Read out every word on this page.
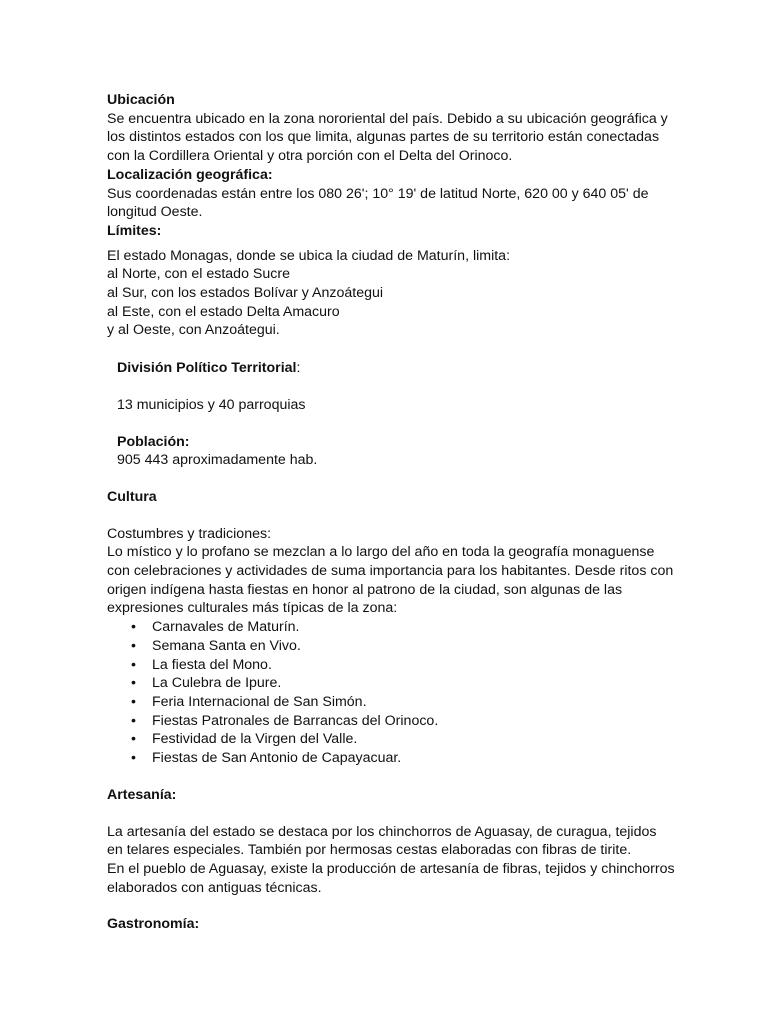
Ubicación
Se encuentra ubicado en la zona nororiental del país. Debido a su ubicación geográfica y
los distintos estados con los que limita, algunas partes de su territorio están conectadas
con la Cordillera Oriental y otra porción con el Delta del Orinoco.
Localización geográfica:
Sus coordenadas están entre los 080 26'; 10° 19' de latitud Norte, 620 00 y 640 05' de
longitud Oeste.
Límites:
El estado Monagas, donde se ubica la ciudad de Maturín, limita:
al Norte, con el estado Sucre
al Sur, con los estados Bolívar y Anzoátegui
al Este, con el estado Delta Amacuro
y al Oeste, con Anzoátegui.
División Político Territorial:
13 municipios y 40 parroquias
Población:
905 443 aproximadamente hab.
Cultura
Costumbres y tradiciones:
Lo místico y lo profano se mezclan a lo largo del año en toda la geografía monaguense
con celebraciones y actividades de suma importancia para los habitantes. Desde ritos con
origen indígena hasta fiestas en honor al patrono de la ciudad, son algunas de las
expresiones culturales más típicas de la zona:
• Carnavales de Maturín.
• Semana Santa en Vivo.
• La fiesta del Mono.
• La Culebra de Ipure.
• Feria Internacional de San Simón.
• Fiestas Patronales de Barrancas del Orinoco.
• Festividad de la Virgen del Valle.
• Fiestas de San Antonio de Capayacuar.
Artesanía:
La artesanía del estado se destaca por los chinchorros de Aguasay, de curagua, tejidos
en telares especiales. También por hermosas cestas elaboradas con fibras de tirite.
En el pueblo de Aguasay, existe la producción de artesanía de fibras, tejidos y chinchorros
elaborados con antiguas técnicas.
Gastronomía:
